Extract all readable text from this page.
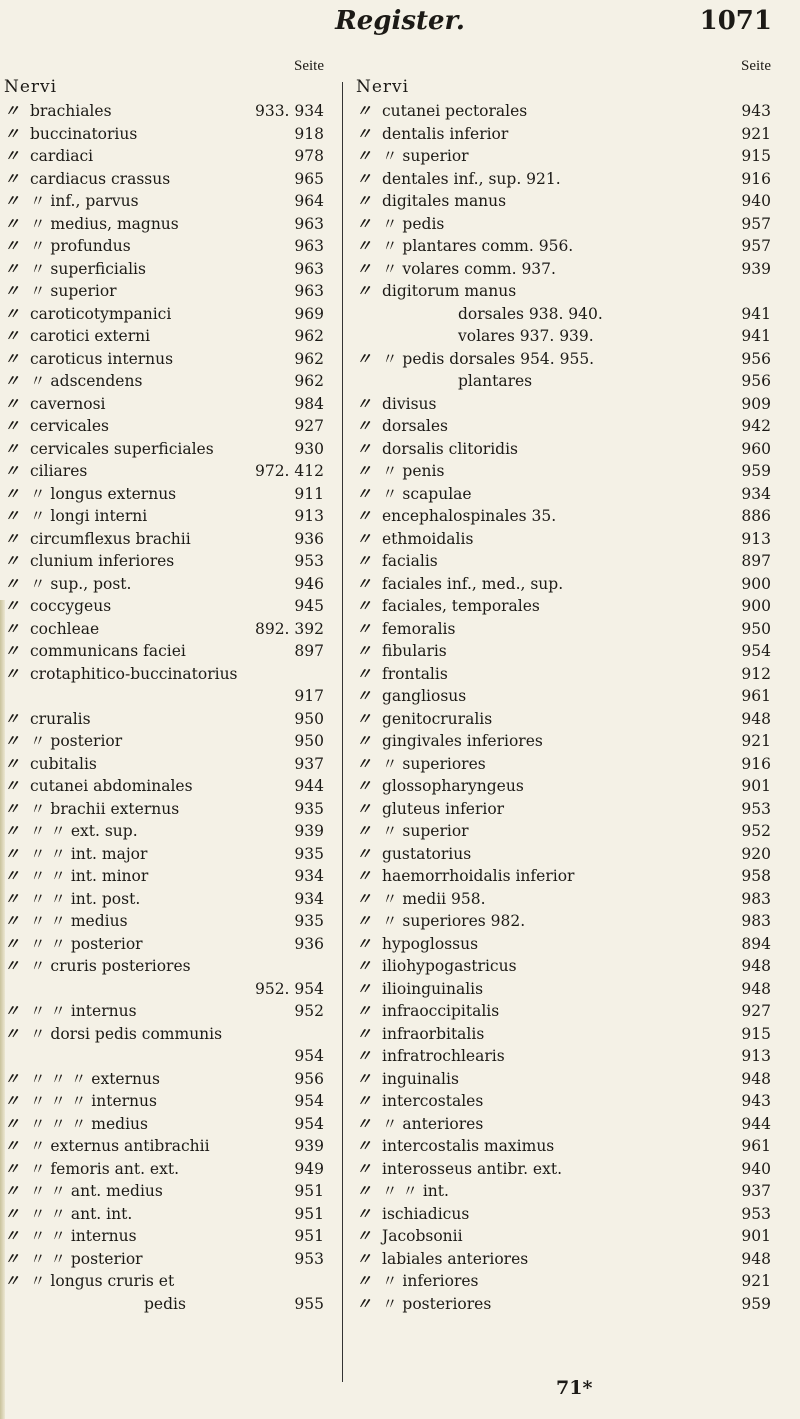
Register.	1071
Seite
Nervi
〃 brachiales	933. 934
〃 buccinatorius	918
〃 cardiaci	978
〃 cardiacus crassus	965
〃 〃 inf., parvus	964
〃 〃 medius, magnus	963
〃 〃 profundus	963
〃 〃 superficialis	963
〃 〃 superior	963
〃 caroticotympanici	969
〃 carotici externi	962
〃 caroticus internus	962
〃 〃 adscendens	962
〃 cavernosi	984
〃 cervicales	927
〃 cervicales superficiales	930
〃 ciliares	972. 412
〃 〃 longus externus	911
〃 〃 longi interni	913
〃 circumflexus brachii	936
〃 clunium inferiores	953
〃 〃 sup., post.	946
〃 coccygeus	945
〃 cochleae	892. 392
〃 communicans faciei	897
〃 crotaphitico-buccinatorius
917
〃 cruralis	950
〃 〃 posterior	950
〃 cubitalis	937
〃 cutanei abdominales	944
〃 〃 brachii externus	935
〃 〃 〃 ext. sup.	939
〃 〃 〃 int. major	935
〃 〃 〃 int. minor	934
〃 〃 〃 int. post.	934
〃 〃 〃 medius	935
〃 〃 〃 posterior	936
〃 〃 cruris posteriores
952. 954
〃 〃 〃 internus	952
〃 〃 dorsi pedis communis
954
〃 〃 〃 〃 externus	956
〃 〃 〃 〃 internus	954
〃 〃 〃 〃 medius	954
〃 〃 externus antibrachii	939
〃 〃 femoris ant. ext.	949
〃 〃 〃 ant. medius	951
〃 〃 〃 ant. int.	951
〃 〃 〃 internus	951
〃 〃 〃 posterior	953
〃 〃 longus cruris et
pedis	955
Seite
Nervi
〃 cutanei pectorales	943
〃 dentalis inferior	921
〃 〃 superior	915
〃 dentales inf., sup. 921.	916
〃 digitales manus	940
〃 〃 pedis	957
〃 〃 plantares comm. 956.	957
〃 〃 volares comm. 937.	939
〃 digitorum manus
dorsales 938. 940.	941
volares 937. 939.	941
〃 〃 pedis dorsales 954. 955.	956
plantares	956
〃 divisus	909
〃 dorsales	942
〃 dorsalis clitoridis	960
〃 〃 penis	959
〃 〃 scapulae	934
〃 encephalospinales 35.	886
〃 ethmoidalis	913
〃 facialis	897
〃 faciales inf., med., sup.	900
〃 faciales, temporales	900
〃 femoralis	950
〃 fibularis	954
〃 frontalis	912
〃 gangliosus	961
〃 genitocruralis	948
〃 gingivales inferiores	921
〃 〃 superiores	916
〃 glossopharyngeus	901
〃 gluteus inferior	953
〃 〃 superior	952
〃 gustatorius	920
〃 haemorrhoidalis inferior	958
〃 〃 medii 958.	983
〃 〃 superiores 982.	983
〃 hypoglossus	894
〃 iliohypogastricus	948
〃 ilioinguinalis	948
〃 infraoccipitalis	927
〃 infraorbitalis	915
〃 infratrochlearis	913
〃 inguinalis	948
〃 intercostales	943
〃 〃 anteriores	944
〃 intercostalis maximus	961
〃 interosseus antibr. ext.	940
〃 〃 〃 int.	937
〃 ischiadicus	953
〃 Jacobsonii	901
〃 labiales anteriores	948
〃 〃 inferiores	921
〃 〃 posteriores	959
71*
